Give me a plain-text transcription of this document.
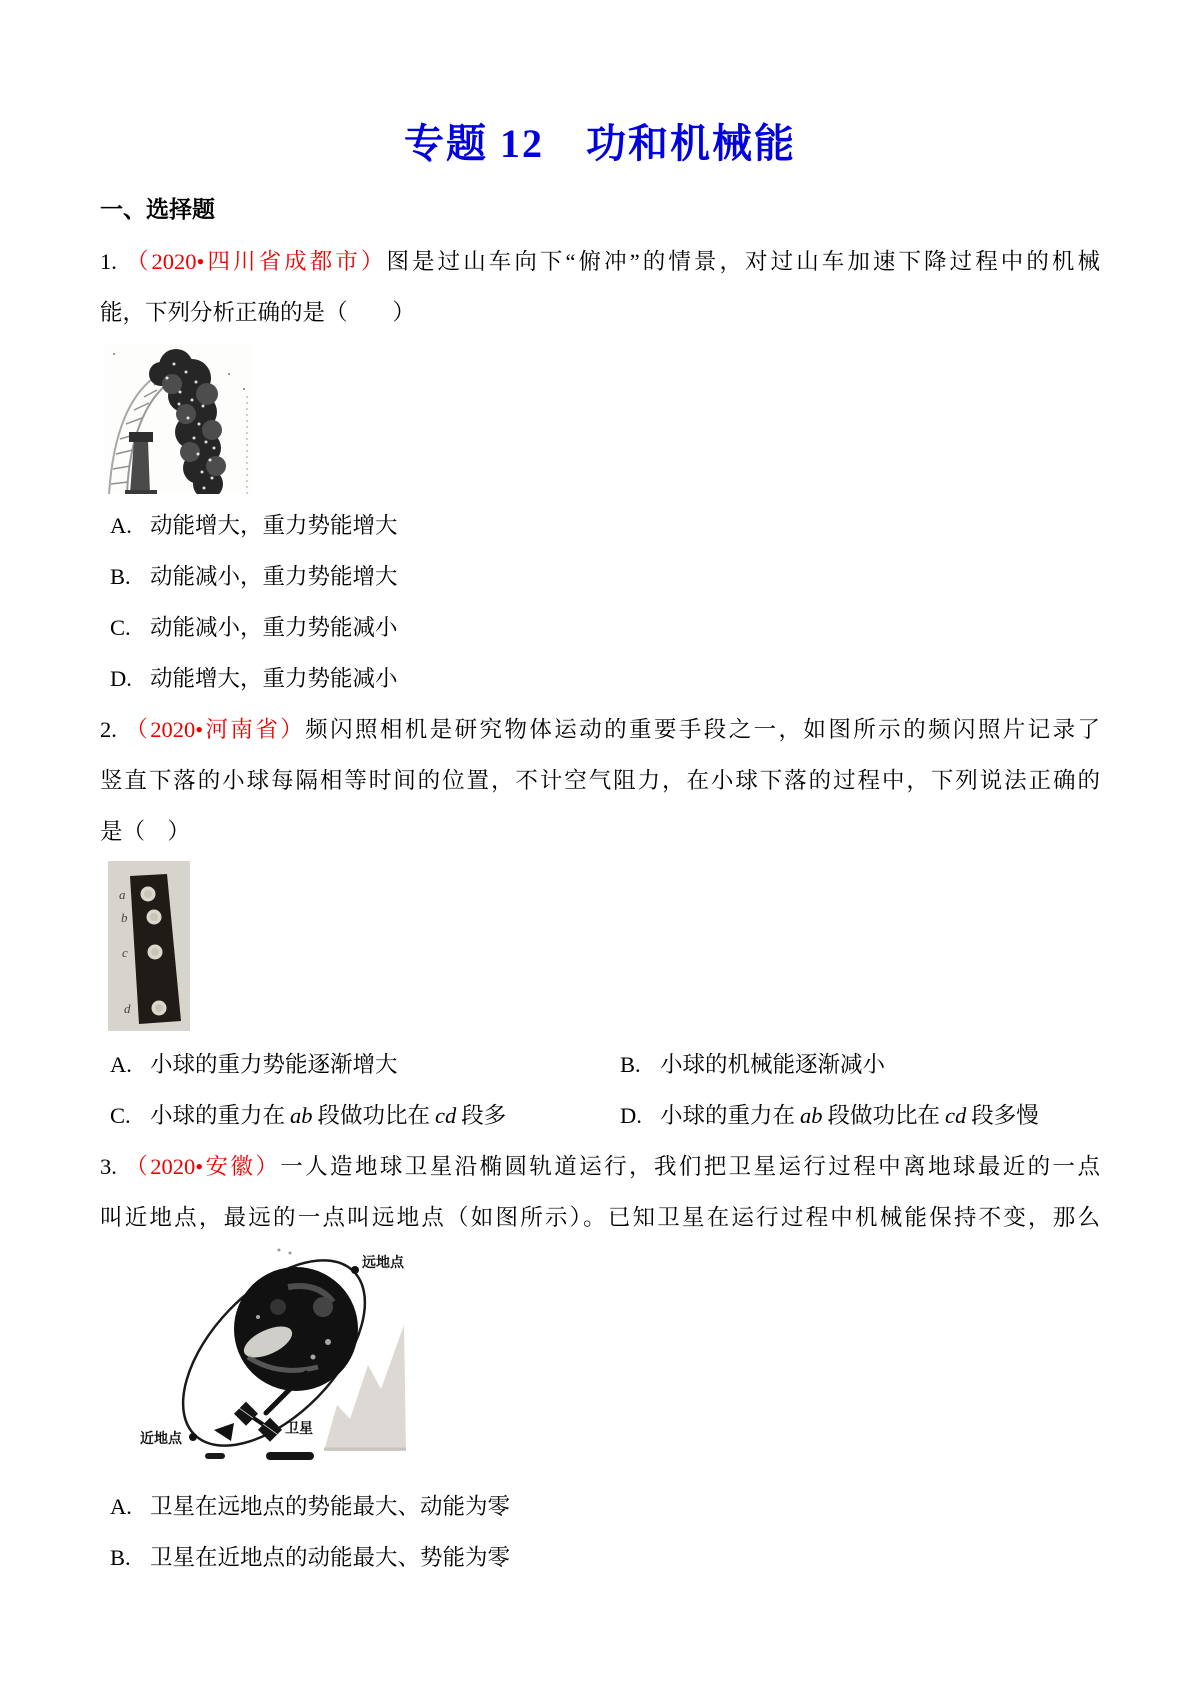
专题 12　功和机械能
一、选择题
1. （2020•四川省成都市）图是过山车向下“俯冲”的情景，对过山车加速下降过程中的机械
能，下列分析正确的是（　　）
A. 动能增大，重力势能增大
B. 动能减小，重力势能增大
C. 动能减小，重力势能减小
D. 动能增大，重力势能减小
2. （2020•河南省）频闪照相机是研究物体运动的重要手段之一，如图所示的频闪照片记录了
竖直下落的小球每隔相等时间的位置，不计空气阻力，在小球下落的过程中，下列说法正确的
是（　）
a
b
c
d
A. 小球的重力势能逐渐增大	B. 小球的机械能逐渐减小
C. 小球的重力在 ab 段做功比在 cd 段多	D. 小球的重力在 ab 段做功比在 cd 段多慢
3. （2020•安徽）一人造地球卫星沿椭圆轨道运行，我们把卫星运行过程中离地球最近的一点
叫近地点，最远的一点叫远地点（如图所示）。已知卫星在运行过程中机械能保持不变，那么
远地点
近地点
卫星
A. 卫星在远地点的势能最大、动能为零
B. 卫星在近地点的动能最大、势能为零
